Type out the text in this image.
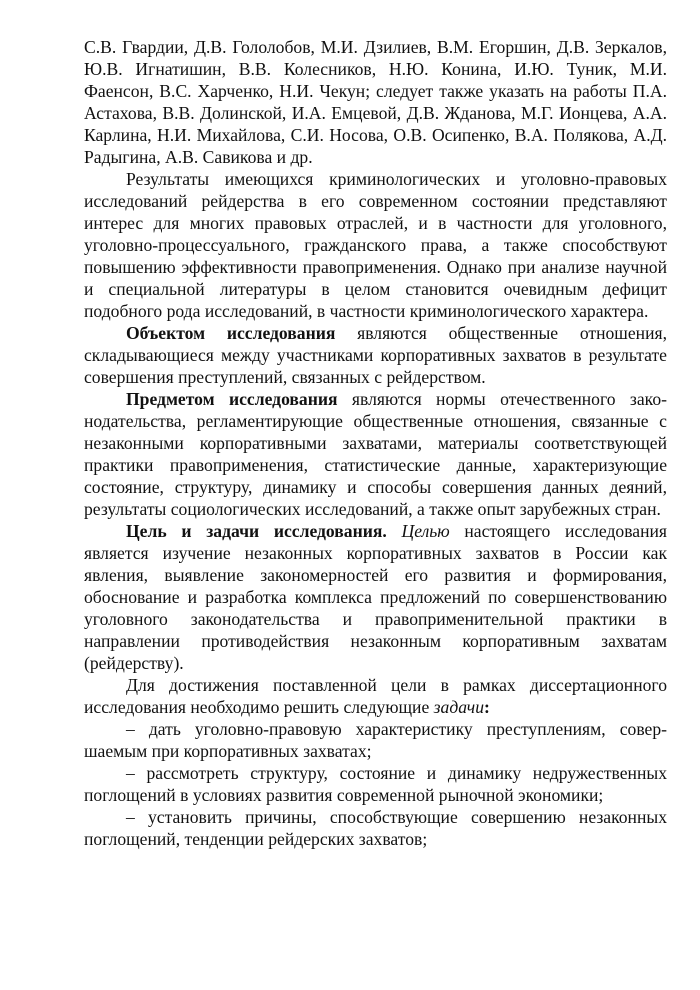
С.В. Гвардии, Д.В. Гололобов, М.И. Дзилиев, В.М. Егоршин, Д.В. Зеркалов, Ю.В. Игнатишин, В.В. Колесников, Н.Ю. Конина, И.Ю. Туник, М.И. Фаенсон, В.С. Харченко, Н.И. Чекун; следует также указать на работы П.А. Астахова, В.В. Долинской, И.А. Емцевой, Д.В. Жданова, М.Г. Ионцева, А.А. Карлина, Н.И. Михайлова, С.И. Носова, О.В. Осипенко, В.А. Полякова, А.Д. Радыгина, А.В. Савикова и др.

Результаты имеющихся криминологических и уголовно-правовых исследований рейдерства в его современном состоянии представляют интерес для многих правовых отраслей, и в частности для уголовного, уголовно-процессуального, гражданского права, а также способствуют повышению эффективности правоприменения. Однако при анализе научной и специальной литературы в целом становится очевидным дефицит подобного рода исследований, в частности криминологического характера.

Объектом исследования являются общественные отношения, складывающиеся между участниками корпоративных захватов в результате совершения преступлений, связанных с рейдерством.

Предметом исследования являются нормы отечественного законодательства, регламентирующие общественные отношения, связанные с незаконными корпоративными захватами, материалы соответствующей практики правоприменения, статистические данные, характеризующие состояние, структуру, динамику и способы совершения данных деяний, результаты социологических исследований, а также опыт зарубежных стран.

Цель и задачи исследования. Целью настоящего исследования является изучение незаконных корпоративных захватов в России как явления, выявление закономерностей его развития и формирования, обоснование и разработка комплекса предложений по совершенствованию уголовного законодательства и правоприменительной практики в направлении противодействия незаконным корпоративным захватам (рейдерству).

Для достижения поставленной цели в рамках диссертационного исследования необходимо решить следующие задачи:

– дать уголовно-правовую характеристику преступлениям, совершаемым при корпоративных захватах;

– рассмотреть структуру, состояние и динамику недружественных поглощений в условиях развития современной рыночной экономики;

– установить причины, способствующие совершению незаконных поглощений, тенденции рейдерских захватов;
